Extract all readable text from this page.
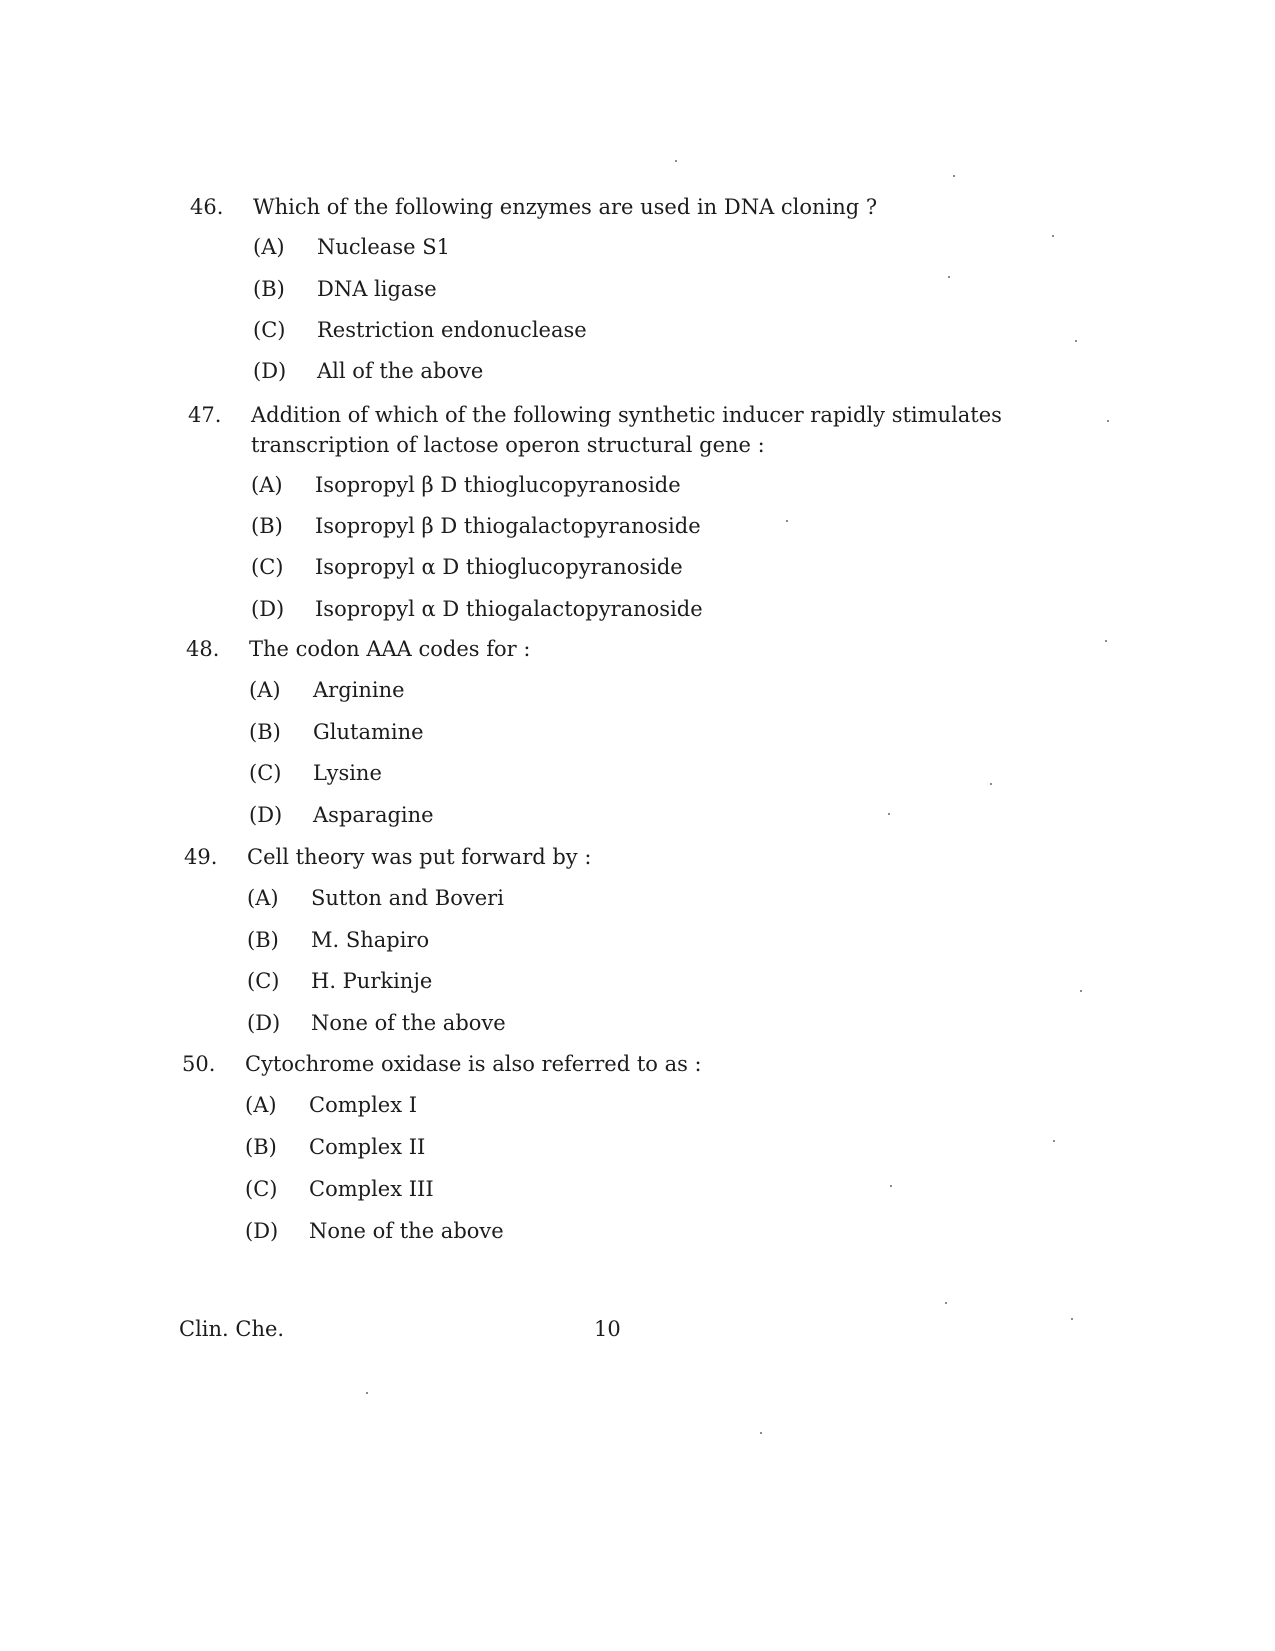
46. Which of the following enzymes are used in DNA cloning ?
(A) Nuclease S1
(B) DNA ligase
(C) Restriction endonuclease
(D) All of the above
47. Addition of which of the following synthetic inducer rapidly stimulates transcription of lactose operon structural gene :
(A) Isopropyl β D thioglucopyranoside
(B) Isopropyl β D thiogalactopyranoside
(C) Isopropyl α D thioglucopyranoside
(D) Isopropyl α D thiogalactopyranoside
48. The codon AAA codes for :
(A) Arginine
(B) Glutamine
(C) Lysine
(D) Asparagine
49. Cell theory was put forward by :
(A) Sutton and Boveri
(B) M. Shapiro
(C) H. Purkinje
(D) None of the above
50. Cytochrome oxidase is also referred to as :
(A) Complex I
(B) Complex II
(C) Complex III
(D) None of the above
Clin. Che.	10
